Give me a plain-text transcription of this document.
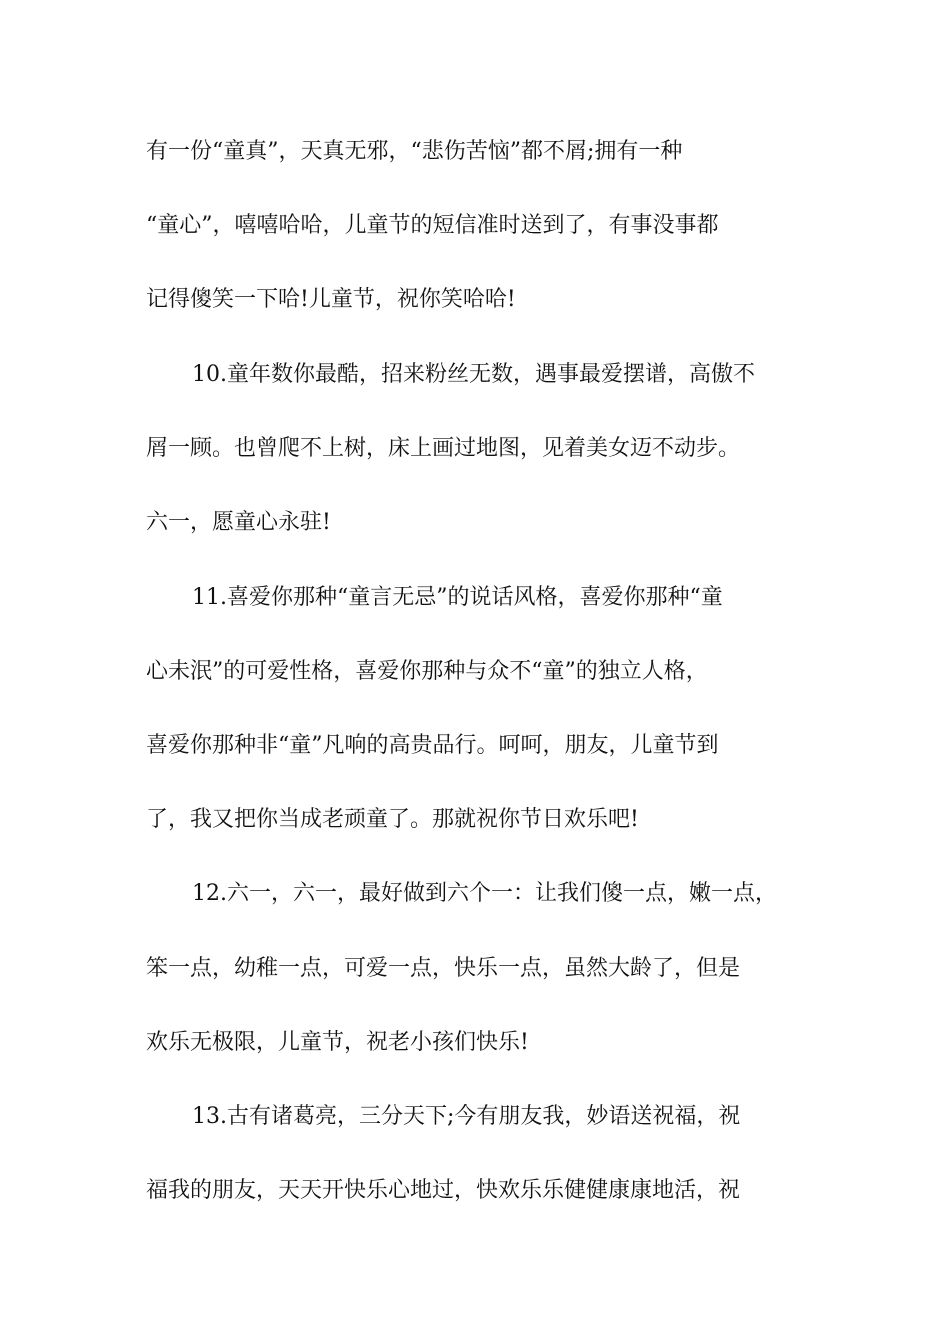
有一份“童真”，天真无邪，“悲伤苦恼”都不屑;拥有一种
“童心”，嘻嘻哈哈，儿童节的短信准时送到了，有事没事都
记得傻笑一下哈!儿童节，祝你笑哈哈!
10.童年数你最酷，招来粉丝无数，遇事最爱摆谱，高傲不
屑一顾。也曾爬不上树，床上画过地图，见着美女迈不动步。
六一，愿童心永驻!
11.喜爱你那种“童言无忌”的说话风格，喜爱你那种“童
心未泯”的可爱性格，喜爱你那种与众不“童”的独立人格，
喜爱你那种非“童”凡响的高贵品行。呵呵，朋友，儿童节到
了，我又把你当成老顽童了。那就祝你节日欢乐吧!
12.六一，六一，最好做到六个一：让我们傻一点，嫩一点，
笨一点，幼稚一点，可爱一点，快乐一点，虽然大龄了，但是
欢乐无极限，儿童节，祝老小孩们快乐!
13.古有诸葛亮，三分天下;今有朋友我，妙语送祝福，祝
福我的朋友，天天开快乐心地过，快欢乐乐健健康康地活，祝
